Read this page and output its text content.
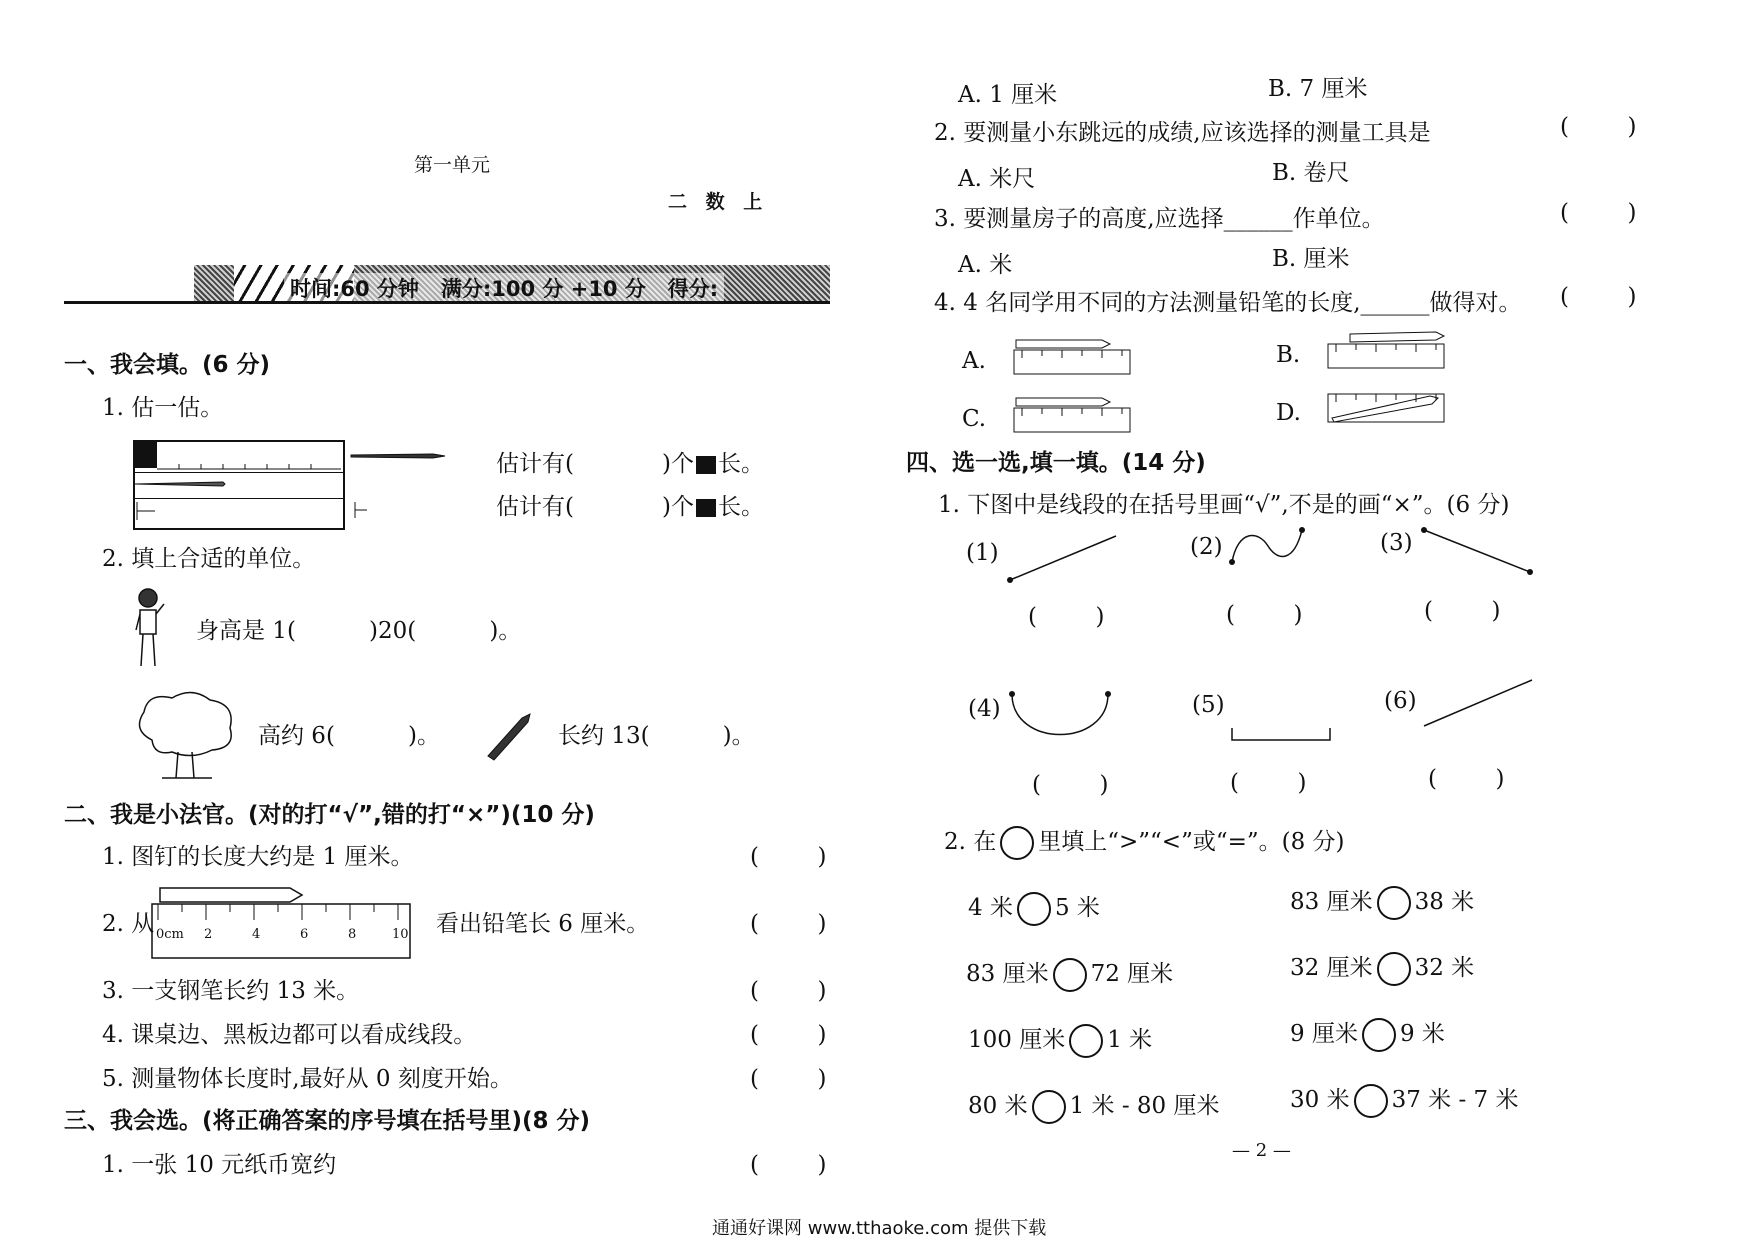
第一单元
二 数 上
时间:60 分钟   满分:100 分 +10 分   得分:
一、我会填。(6 分)
1. 估一估。
估计有(	)个 长。
估计有(	)个 长。
2. 填上合适的单位。
身高是 1(          )20(          )。
高约 6(          )。	长约 13(          )。
二、我是小法官。(对的打“√”,错的打“×”)(10 分)
1. 图钉的长度大约是 1 厘米。	(        )
2. 从 0cm 2	4	6	8	10 看出铅笔长 6 厘米。	(        )
3. 一支钢笔长约 13 米。	(        )
4. 课桌边、黑板边都可以看成线段。	(        )
5. 测量物体长度时,最好从 0 刻度开始。	(        )
三、我会选。(将正确答案的序号填在括号里)(8 分)
1. 一张 10 元纸币宽约	(        )
A. 1 厘米	B. 7 厘米
2. 要测量小东跳远的成绩,应该选择的测量工具是	(        )
A. 米尺	B. 卷尺
3. 要测量房子的高度,应选择______作单位。	(        )
A. 米	B. 厘米
4. 4 名同学用不同的方法测量铅笔的长度,______做得对。 (        )
A.	B.
C.	D.
四、选一选,填一填。(14 分)
1. 下图中是线段的在括号里画“√”,不是的画“×”。(6 分)
(1)
(        )
(2)
(        )
(3)
(        )
(4)
(        )
(5)
(        )
(6)
(        )
2. 在 里填上“>”“<”或“=”。(8 分)
4 米 5 米	83 厘米 38 米
83 厘米 72 厘米	32 厘米 32 米
100 厘米 1 米	9 厘米 9 米
80 米 1 米 - 80 厘米	30 米 37 米 - 7 米
— 2 —
通通好课网 www.tthaoke.com 提供下载
